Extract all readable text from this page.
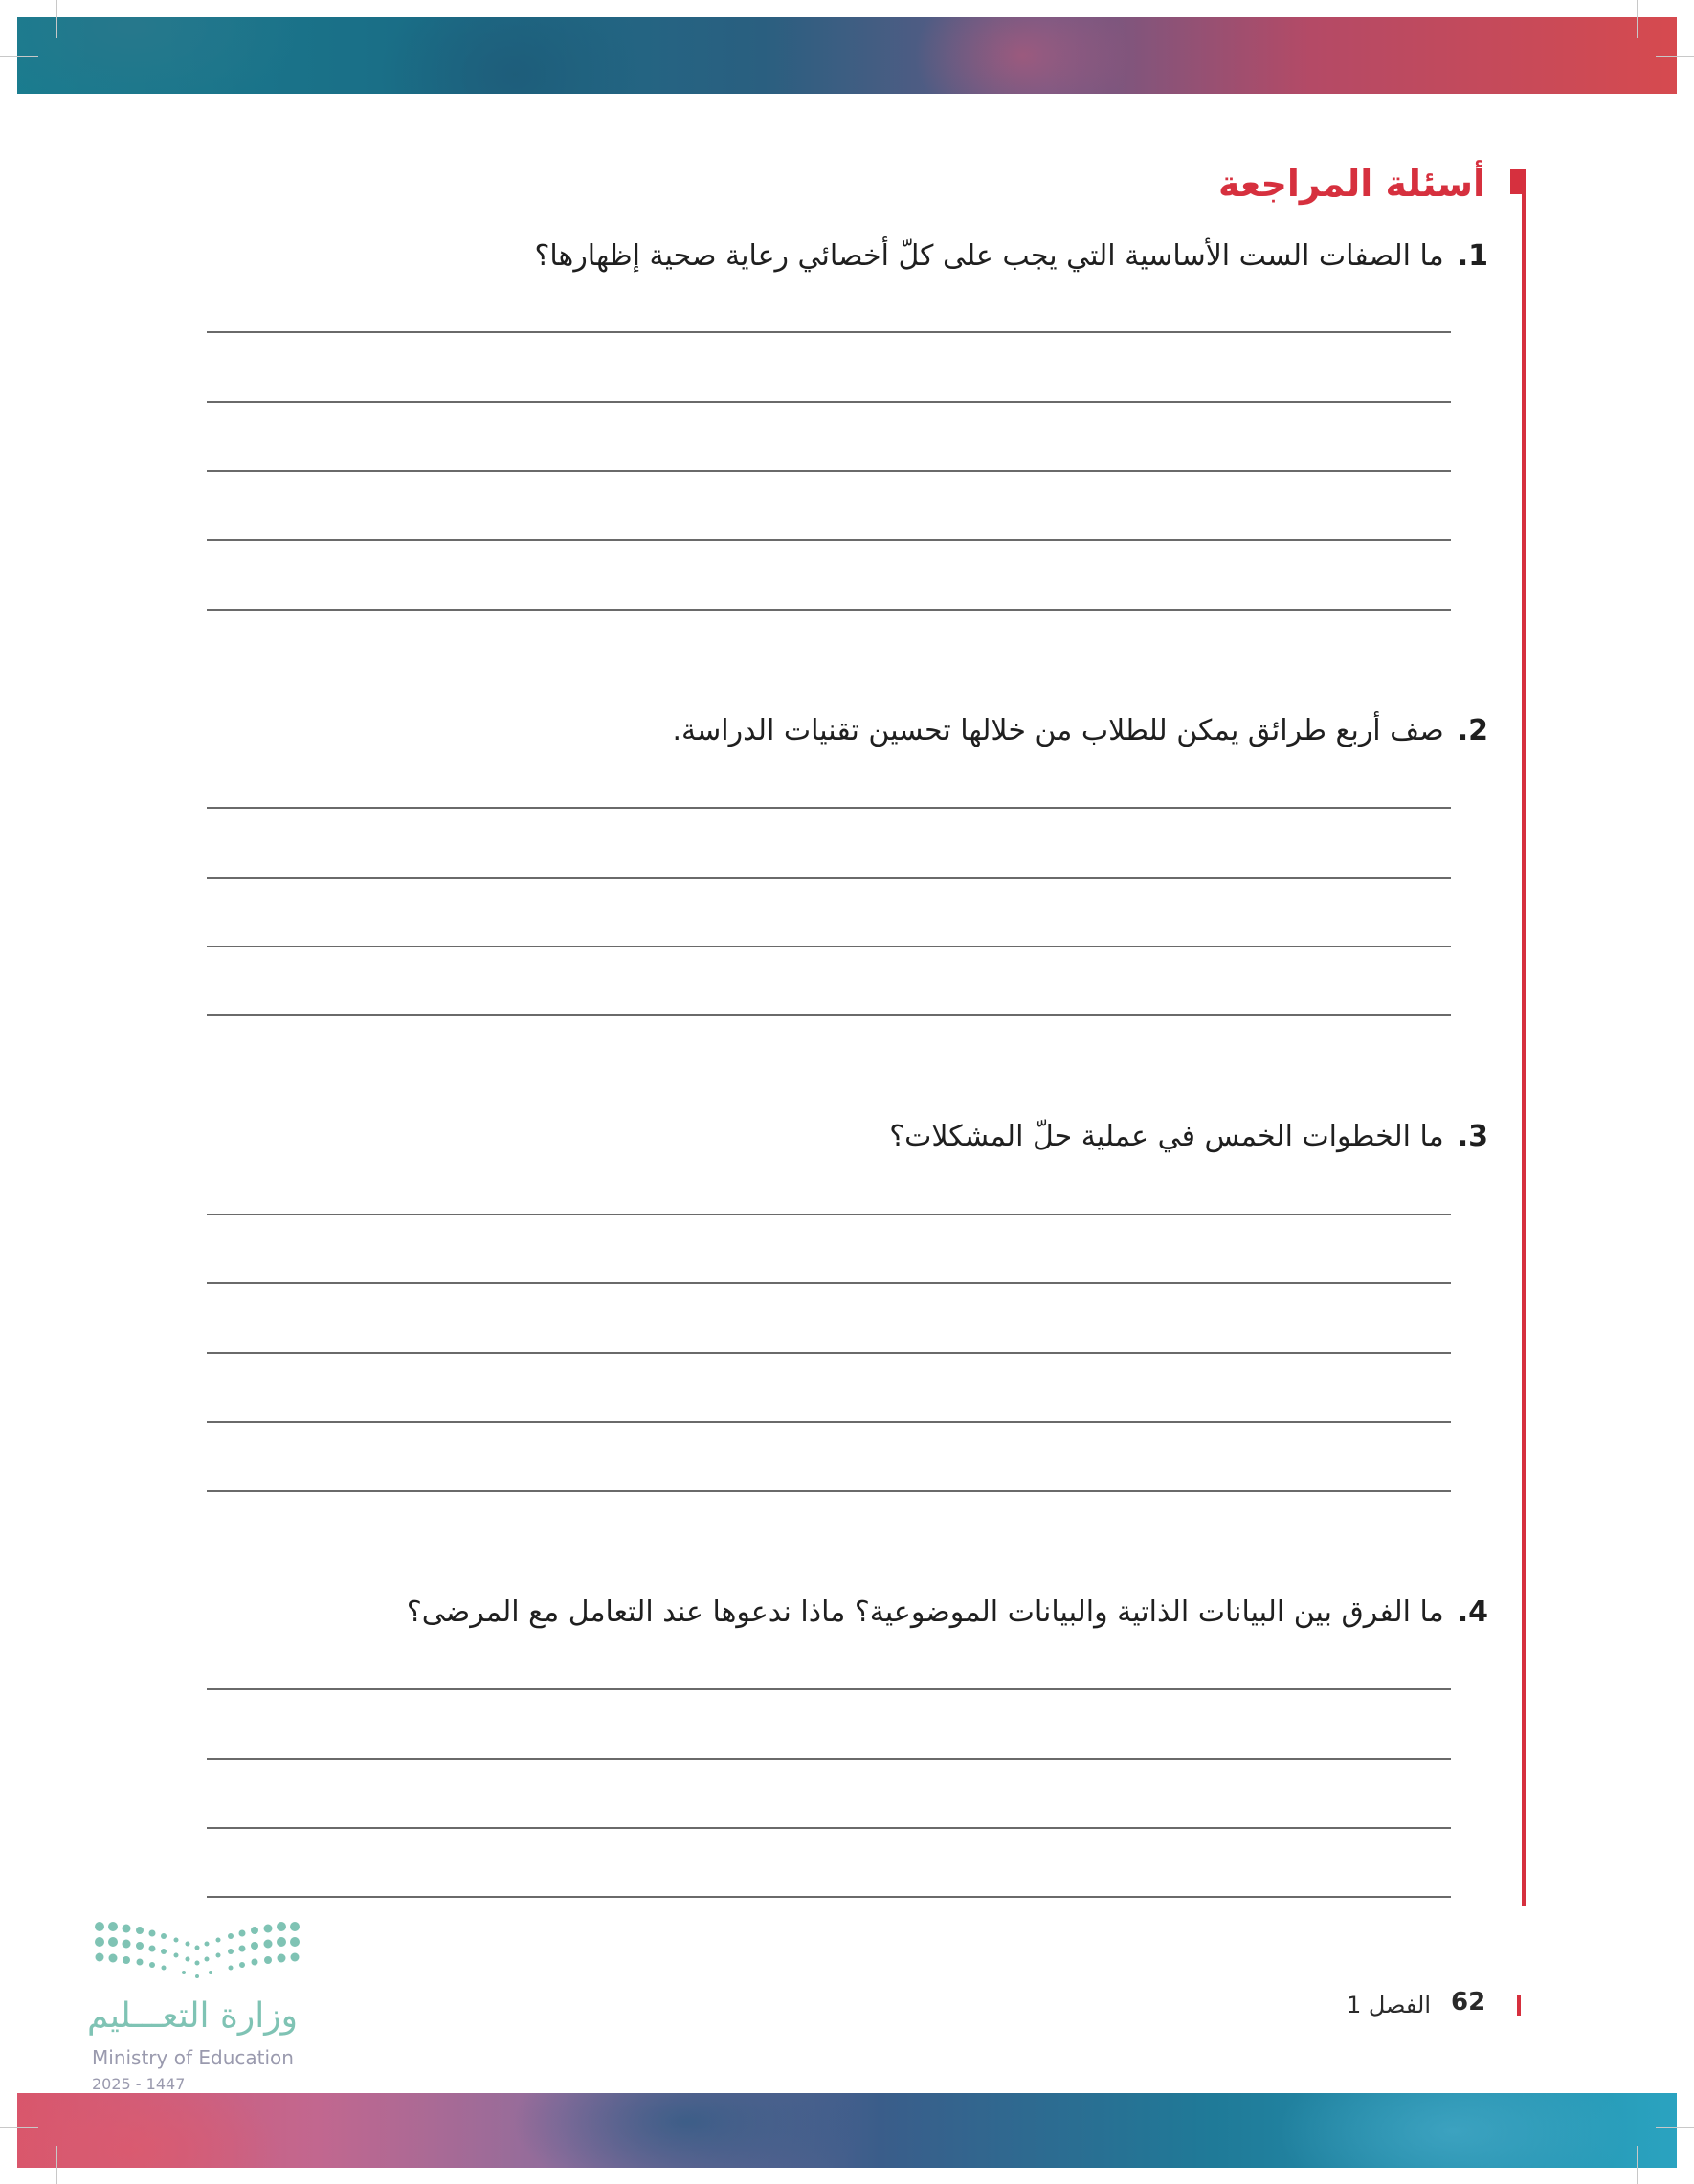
أسئلة المراجعة
1.
ما الصفات الست الأساسية التي يجب على كلّ أخصائي رعاية صحية إظهارها؟
2.
صف أربع طرائق يمكن للطلاب من خلالها تحسين تقنيات الدراسة.
3.
ما الخطوات الخمس في عملية حلّ المشكلات؟
4.
ما الفرق بين البيانات الذاتية والبيانات الموضوعية؟ ماذا ندعوها عند التعامل مع المرضى؟
62
الفصل 1
وزارة التعـــليم
Ministry of Education
2025 - 1447
